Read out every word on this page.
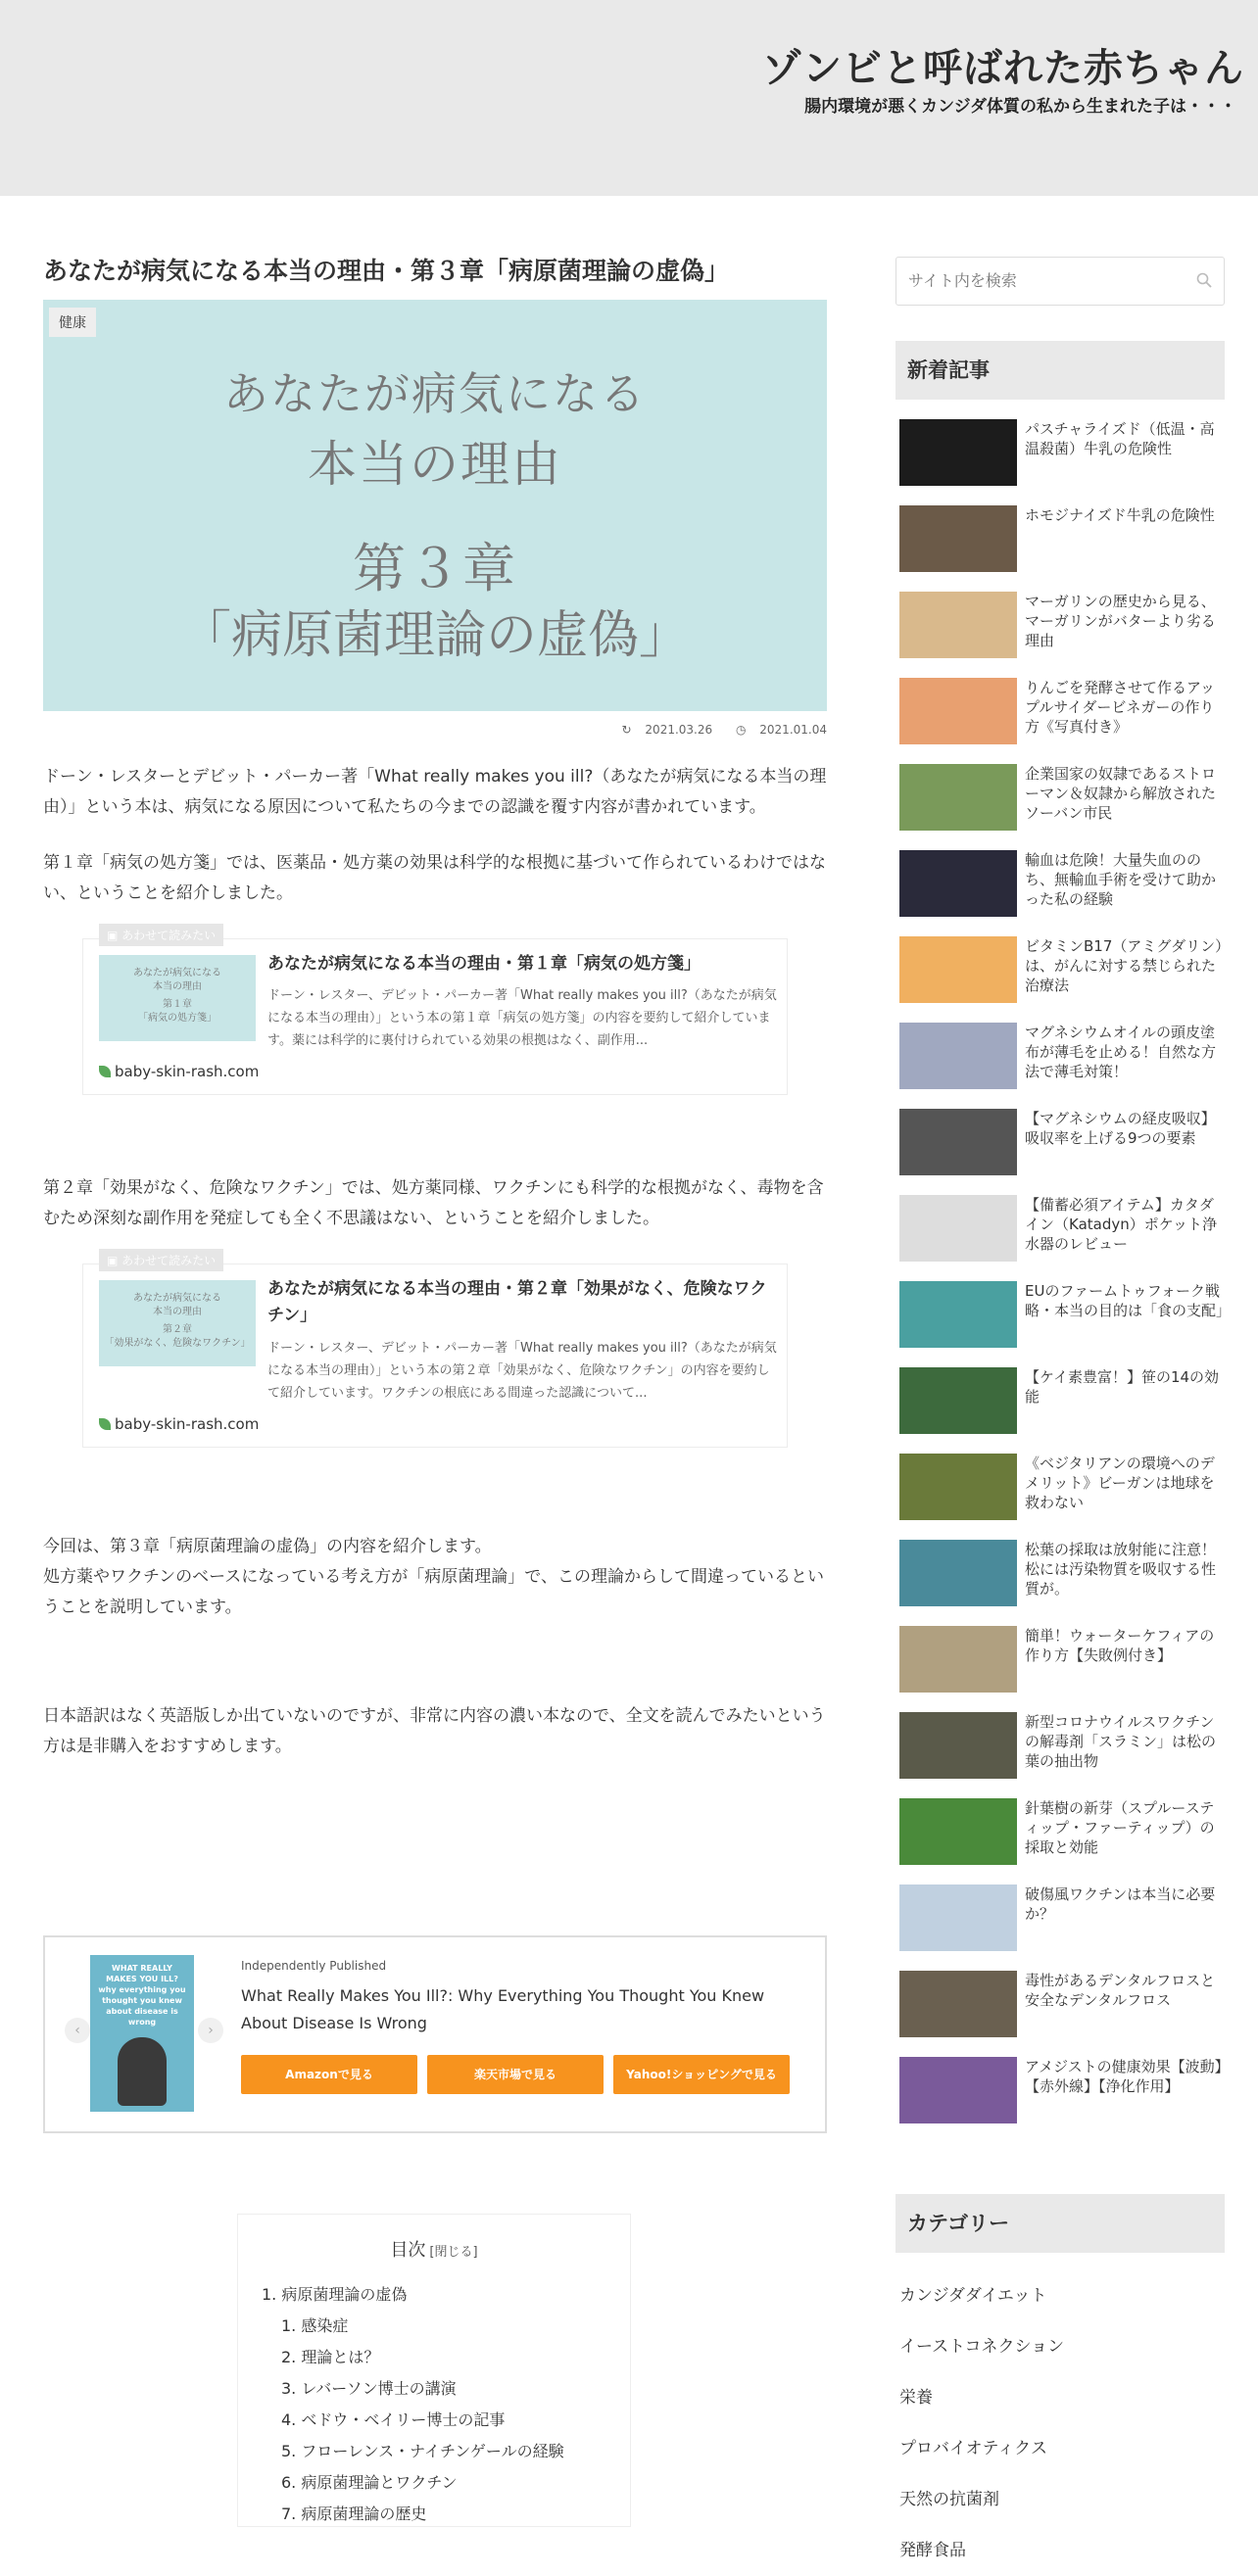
ゾンビと呼ばれた赤ちゃん
腸内環境が悪くカンジダ体質の私から生まれた子は・・・
あなたが病気になる本当の理由・第３章「病原菌理論の虚偽」
健康
あなたが病気になる
本当の理由
第３章
「病原菌理論の虚偽」
↻ 2021.03.26 ◷ 2021.01.04

ドーン・レスターとデビット・パーカー著「What really makes you ill?（あなたが病気になる本当の理由）」という本は、病気になる原因について私たちの今までの認識を覆す内容が書かれています。

第１章「病気の処方箋」では、医薬品・処方薬の効果は科学的な根拠に基づいて作られているわけではない、ということを紹介しました。

▣ あわせて読みたい
あなたが病気になる
本当の理由
第１章
「病気の処方箋」
あなたが病気になる本当の理由・第１章「病気の処方箋」
ドーン・レスター、デビット・パーカー著「What really makes you ill?（あなたが病気になる本当の理由）」という本の第１章「病気の処方箋」の内容を要約して紹介しています。薬には科学的に裏付けられている効果の根拠はなく、副作用...
baby-skin-rash.com

第２章「効果がなく、危険なワクチン」では、処方薬同様、ワクチンにも科学的な根拠がなく、毒物を含むため深刻な副作用を発症しても全く不思議はない、ということを紹介しました。

▣ あわせて読みたい
あなたが病気になる
本当の理由
第２章
「効果がなく、危険なワクチン」
あなたが病気になる本当の理由・第２章「効果がなく、危険なワクチン」
ドーン・レスター、デビット・パーカー著「What really makes you ill?（あなたが病気になる本当の理由）」という本の第２章「効果がなく、危険なワクチン」の内容を要約して紹介しています。ワクチンの根底にある間違った認識について...
baby-skin-rash.com

今回は、第３章「病原菌理論の虚偽」の内容を紹介します。

処方薬やワクチンのベースになっている考え方が「病原菌理論」で、この理論からして間違っているということを説明しています。

日本語訳はなく英語版しか出ていないのですが、非常に内容の濃い本なので、全文を読んでみたいという方は是非購入をおすすめします。

‹
WHAT REALLY MAKES YOU ILL? why everything you thought you knew about disease is wrong
›
Independently Published
What Really Makes You Ill?: Why Everything You Thought You Knew About Disease Is Wrong
Amazonで見る	楽天市場で見る	Yahoo!ショッピングで見る
目次 [閉じる]
1. 病原菌理論の虚偽
1. 感染症
2. 理論とは？
3. レバーソン博士の講演
4. ベドウ・ベイリー博士の記事
5. フローレンス・ナイチンゲールの経験
6. 病原菌理論とワクチン
7. 病原菌理論の歴史
サイト内を検索
新着記事
パスチャライズド（低温・高温殺菌）牛乳の危険性
ホモジナイズド牛乳の危険性
マーガリンの歴史から見る、マーガリンがバターより劣る理由
りんごを発酵させて作るアップルサイダービネガーの作り方《写真付き》
企業国家の奴隷であるストローマン＆奴隷から解放されたソーバン市民
輸血は危険！大量失血ののち、無輸血手術を受けて助かった私の経験
ビタミンB17（アミグダリン）は、がんに対する禁じられた治療法
マグネシウムオイルの頭皮塗布が薄毛を止める！自然な方法で薄毛対策！
【マグネシウムの経皮吸収】吸収率を上げる9つの要素
【備蓄必須アイテム】カタダイン（Katadyn）ポケット浄水器のレビュー
EUのファームトゥフォーク戦略・本当の目的は「食の支配」
【ケイ素豊富！】笹の14の効能
《ベジタリアンの環境へのデメリット》ビーガンは地球を救わない
松葉の採取は放射能に注意！松には汚染物質を吸収する性質が。
簡単！ウォーターケフィアの作り方【失敗例付き】
新型コロナウイルスワクチンの解毒剤「スラミン」は松の葉の抽出物
針葉樹の新芽（スプルースティップ・ファーティップ）の採取と効能
破傷風ワクチンは本当に必要か？
毒性があるデンタルフロスと安全なデンタルフロス
アメジストの健康効果【波動】【赤外線】【浄化作用】
カテゴリー
カンジダダイエット
イーストコネクション
栄養
プロバイオティクス
天然の抗菌剤
発酵食品
